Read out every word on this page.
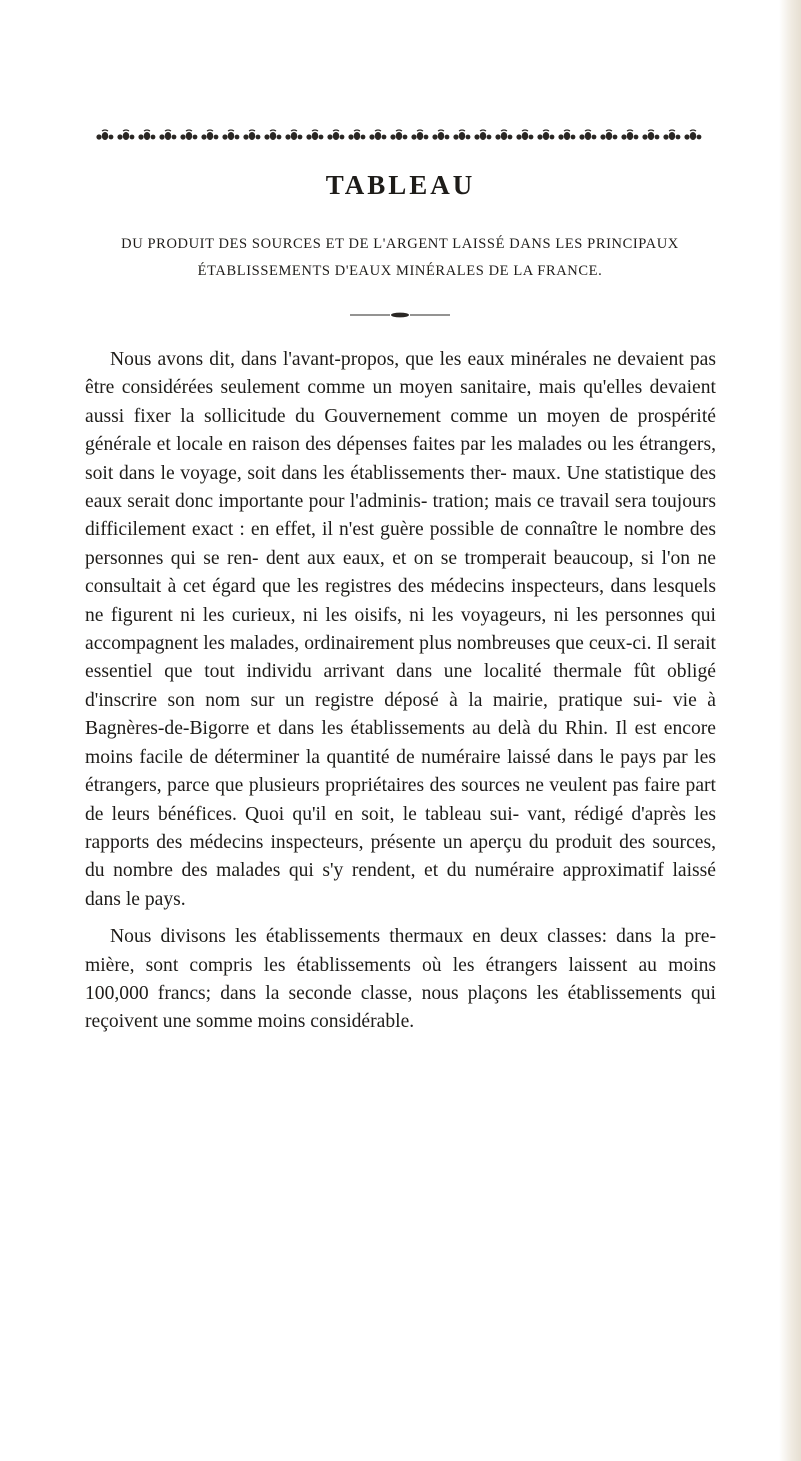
TABLEAU
DU PRODUIT DES SOURCES ET DE L'ARGENT LAISSÉ DANS LES PRINCIPAUX
ÉTABLISSEMENTS D'EAUX MINÉRALES DE LA FRANCE.

Nous avons dit, dans l'avant-propos, que les eaux minérales ne devaient pas être considérées seulement comme un moyen sanitaire, mais qu'elles devaient aussi fixer la sollicitude du Gouvernement comme un moyen de prospérité générale et locale en raison des dépenses faites par les malades ou les étrangers, soit dans le voyage, soit dans les établissements ther- maux. Une statistique des eaux serait donc importante pour l'adminis- tration; mais ce travail sera toujours difficilement exact : en effet, il n'est guère possible de connaître le nombre des personnes qui se ren- dent aux eaux, et on se tromperait beaucoup, si l'on ne consultait à cet égard que les registres des médecins inspecteurs, dans lesquels ne figurent ni les curieux, ni les oisifs, ni les voyageurs, ni les personnes qui accompagnent les malades, ordinairement plus nombreuses que ceux-ci. Il serait essentiel que tout individu arrivant dans une localité thermale fût obligé d'inscrire son nom sur un registre déposé à la mairie, pratique sui- vie à Bagnères-de-Bigorre et dans les établissements au delà du Rhin. Il est encore moins facile de déterminer la quantité de numéraire laissé dans le pays par les étrangers, parce que plusieurs propriétaires des sources ne veulent pas faire part de leurs bénéfices. Quoi qu'il en soit, le tableau sui- vant, rédigé d'après les rapports des médecins inspecteurs, présente un aperçu du produit des sources, du nombre des malades qui s'y rendent, et du numéraire approximatif laissé dans le pays.

Nous divisons les établissements thermaux en deux classes: dans la pre- mière, sont compris les établissements où les étrangers laissent au moins 100,000 francs; dans la seconde classe, nous plaçons les établissements qui reçoivent une somme moins considérable.
